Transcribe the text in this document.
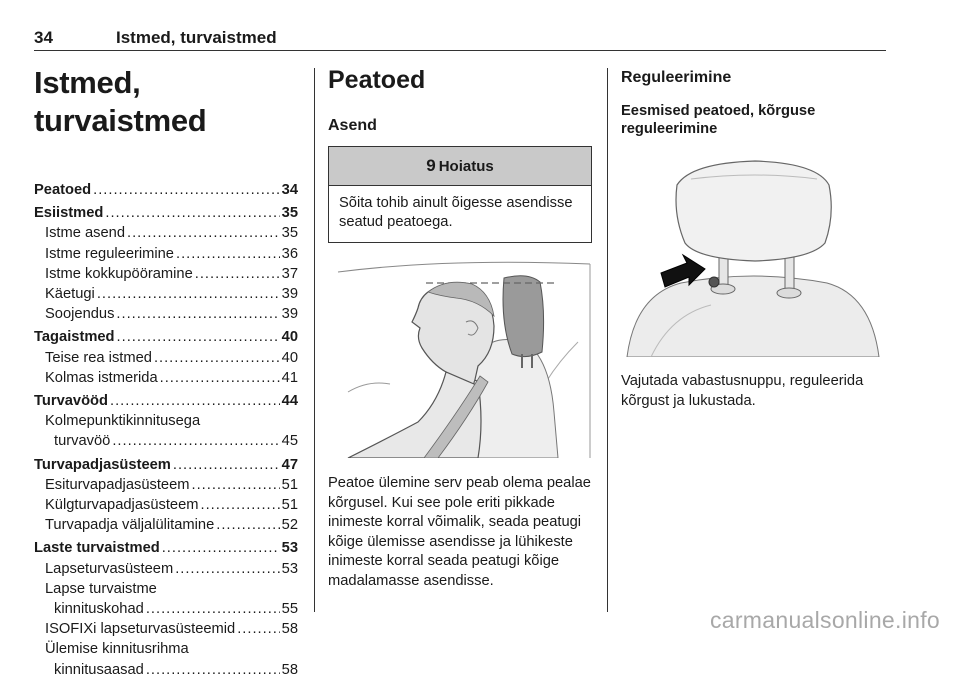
34	Istmed, turvaistmed
Istmed, turvaistmed
Peatoed .....	34
Esiistmed .....	35
Istme asend .....	35
Istme reguleerimine .....	36
Istme kokkupööramine .....	37
Käetugi .....	39
Soojendus .....	39
Tagaistmed .....	40
Teise rea istmed .....	40
Kolmas istmerida .....	41
Turvavööd .....	44
Kolmepunktikinnitusega
turvavöö .....	45
Turvapadjasüsteem .....	47
Esiturvapadjasüsteem .....	51
Külgturvapadjasüsteem .....	51
Turvapadja väljalülitamine .....	52
Laste turvaistmed .....	53
Lapseturvasüsteem .....	53
Lapse turvaistme
kinnituskohad .....	55
ISOFIXi lapseturvasüsteemid .....	58
Ülemise kinnitusrihma
kinnitusaasad .....	58
Peatoed
Asend
9 Hoiatus
Sõita tohib ainult õigesse asendisse seatud peatoega.

Peatoe ülemine serv peab olema pealae kõrgusel. Kui see pole eriti pikkade inimeste korral võimalik, seada peatugi kõige ülemisse asendisse ja lühikeste inimeste korral seada peatugi kõige madalamasse asendisse.

Reguleerimine
Eesmised peatoed, kõrguse reguleerimine

Vajutada vabastusnuppu, reguleerida kõrgust ja lukustada.

carmanualsonline.info
